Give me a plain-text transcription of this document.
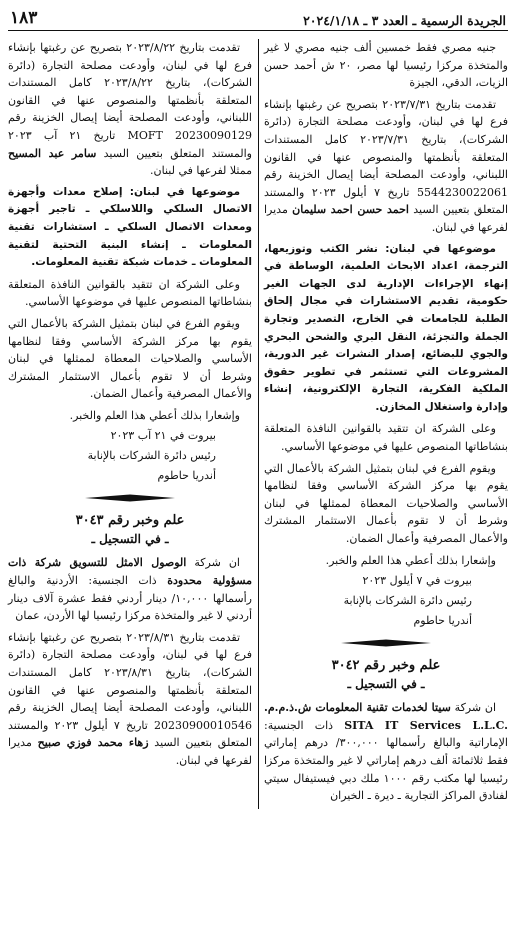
الجريدة الرسمية ـ العدد ٣ ـ ٢٠٢٤/١/١٨
١٨٣

جنيه مصري فقط خمسين ألف جنيه مصري لا غير والمتخذة مركزا رئيسيا لها مصر، ٢٠ ش أحمد حسن الزيات، الدقي، الجيزة

تقدمت بتاريخ ٢٠٢٣/٧/٣١ بتصريح عن رغبتها بإنشاء فرع لها في لبنان، وأودعت مصلحة التجارة (دائرة الشركات)، بتاريخ ٢٠٢٣/٧/٣١ كامل المستندات المتعلقة بأنظمتها والمنصوص عنها في القانون اللبناني، وأودعت المصلحة أيضا إيصال الخزينة رقم 5544230022061 تاريخ ٧ أيلول ٢٠٢٣ والمستند المتعلق بتعيين السيد احمد حسن احمد سليمان مديرا لفرعها في لبنان.

موضوعها في لبنان: نشر الكتب وتوزيعها، الترجمة، اعداد الابحاث العلمية، الوساطة في إنهاء الإجراءات الإدارية لدى الجهات الغير حكومية، تقديم الاستشارات في مجال إلحاق الطلبة للجامعات في الخارج، التصدير وتجارة الجملة والتجزئة، النقل البري والشحن البحري والجوي للبضائع، إصدار النشرات غير الدورية، المشروعات التي تستثمر في تطوير حقوق الملكية الفكرية، التجارة الإلكترونية، إنشاء وإدارة واستغلال المخازن.

وعلى الشركة ان تتقيد بالقوانين النافذة المتعلقة بنشاطاتها المنصوص عليها في موضوعها الأساسي.

ويقوم الفرع في لبنان بتمثيل الشركة بالأعمال التي يقوم بها مركز الشركة الأساسي وفقا لنظامها الأساسي والصلاحيات المعطاة لممثلها في لبنان وشرط أن لا تقوم بأعمال الاستثمار المشترك والأعمال المصرفية وأعمال الضمان.

وإشعارا بذلك أعطي هذا العلم والخبر.

بيروت في ٧ أيلول ٢٠٢٣

رئيس دائرة الشركات بالإنابة

أندريا حاطوم

علم وخبر رقم ٣٠٤٢
ـ في التسجيل ـ

ان شركة سيتا لخدمات تقنية المعلومات ش.ذ.م.م. SITA IT Services L.L.C. ذات الجنسية: الإماراتية والبالغ رأسمالها ٣٠٠,٠٠٠/ درهم إماراتي فقط ثلاثمائة ألف درهم إماراتي لا غير والمتخذة مركزا رئيسيا لها مكتب رقم ١٠٠٠ ملك دبي فيستيفال سيتي لفنادق المراكز التجارية ـ ديرة ـ الخيران

تقدمت بتاريخ ٢٠٢٣/٨/٢٢ بتصريح عن رغبتها بإنشاء فرع لها في لبنان، وأودعت مصلحة التجارة (دائرة الشركات)، بتاريخ ٢٠٢٣/٨/٢٢ كامل المستندات المتعلقة بأنظمتها والمنصوص عنها في القانون اللبناني، وأودعت المصلحة أيضا إيصال الخزينة رقم MOFT 20230090129 تاريخ ٢١ آب ٢٠٢٣ والمستند المتعلق بتعيين السيد سامر عبد المسيح ممثلا لفرعها في لبنان.

موضوعها في لبنان: إصلاح معدات وأجهزة الاتصال السلكي واللاسلكي ـ تاجير أجهزة ومعدات الاتصال السلكي ـ استشارات تقنية المعلومات ـ إنشاء البنية التحتية لتقنية المعلومات ـ خدمات شبكة تقنية المعلومات.

وعلى الشركة ان تتقيد بالقوانين النافذة المتعلقة بنشاطاتها المنصوص عليها في موضوعها الأساسي.

ويقوم الفرع في لبنان بتمثيل الشركة بالأعمال التي يقوم بها مركز الشركة الأساسي وفقا لنظامها الأساسي والصلاحيات المعطاة لممثلها في لبنان وشرط أن لا تقوم بأعمال الاستثمار المشترك والأعمال المصرفية وأعمال الضمان.

وإشعارا بذلك أعطي هذا العلم والخبر.

بيروت في ٢١ آب ٢٠٢٣

رئيس دائرة الشركات بالإنابة

أندريا حاطوم

علم وخبر رقم ٣٠٤٣
ـ في التسجيل ـ

ان شركة الوصول الامثل للتسويق شركة ذات مسؤولية محدودة ذات الجنسية: الأردنية والبالغ رأسمالها ١٠,٠٠٠/ دينار أردني فقط عشرة آلاف دينار أردني لا غير والمتخذة مركزا رئيسيا لها الأردن، عمان

تقدمت بتاريخ ٢٠٢٣/٨/٣١ بتصريح عن رغبتها بإنشاء فرع لها في لبنان، وأودعت مصلحة التجارة (دائرة الشركات)، بتاريخ ٢٠٢٣/٨/٣١ كامل المستندات المتعلقة بأنظمتها والمنصوص عنها في القانون اللبناني، وأودعت المصلحة أيضا إيصال الخزينة رقم 20230900010546 تاريخ ٧ أيلول ٢٠٢٣ والمستند المتعلق بتعيين السيد زهاء محمد فوزي صبيح مديرا لفرعها في لبنان.
